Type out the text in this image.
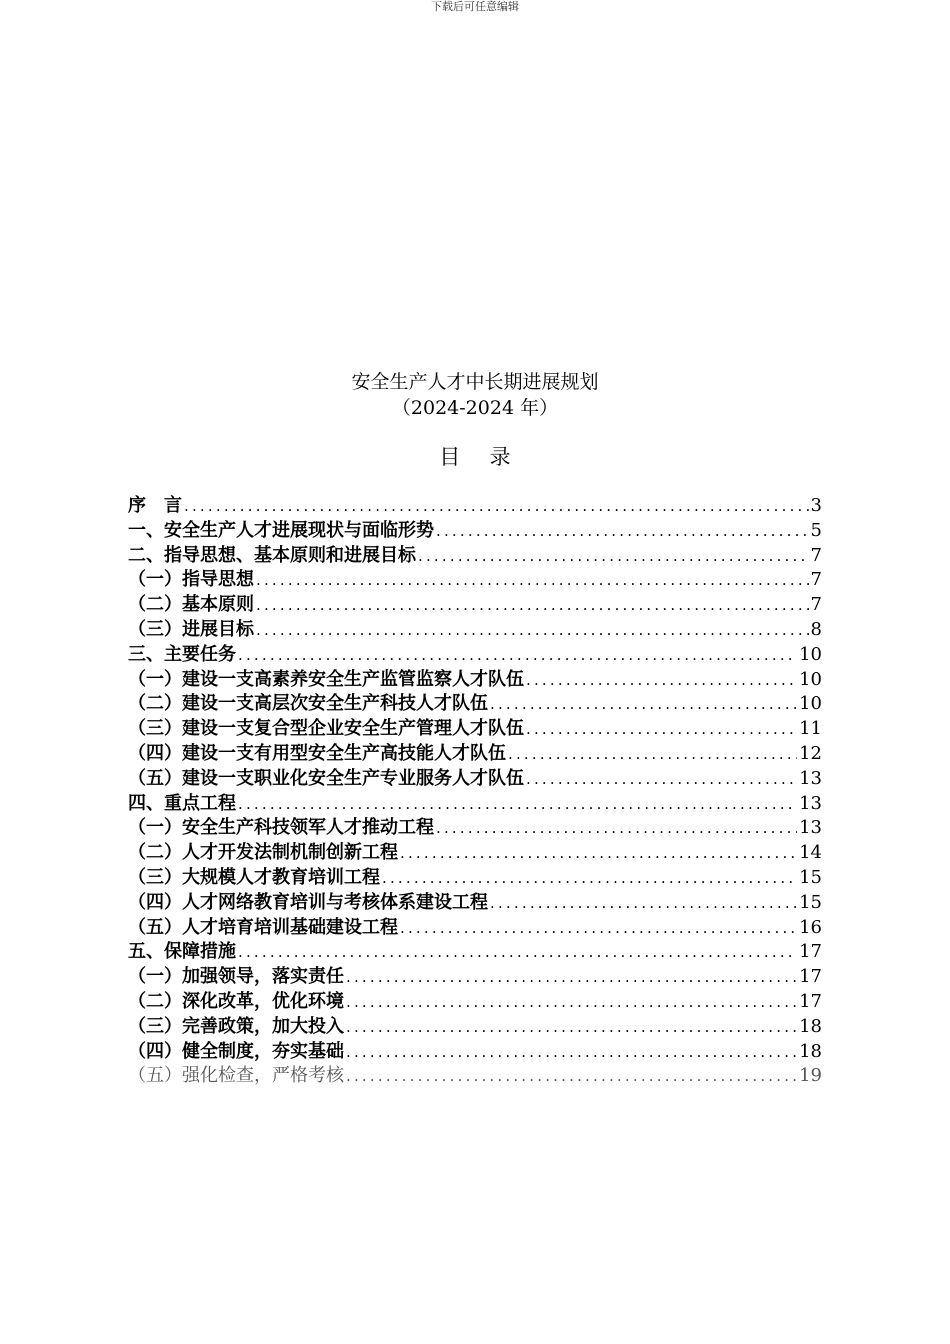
下载后可任意编辑
安全生产人才中长期进展规划
（2024-2024 年）
目录
序　言 .....	3
一、安全生产人才进展现状与面临形势 .....	5
二、指导思想、基本原则和进展目标 .....	7
（一）指导思想 .....	7
（二）基本原则 .....	7
（三）进展目标 .....	8
三、主要任务 .....	10
（一）建设一支高素养安全生产监管监察人才队伍 .....	10
（二）建设一支高层次安全生产科技人才队伍 .....	10
（三）建设一支复合型企业安全生产管理人才队伍 .....	11
（四）建设一支有用型安全生产高技能人才队伍 .....	12
（五）建设一支职业化安全生产专业服务人才队伍 .....	13
四、重点工程 .....	13
（一）安全生产科技领军人才推动工程 .....	13
（二）人才开发法制机制创新工程 .....	14
（三）大规模人才教育培训工程 .....	15
（四）人才网络教育培训与考核体系建设工程 .....	15
（五）人才培育培训基础建设工程 .....	16
五、保障措施 .....	17
（一）加强领导，落实责任 .....	17
（二）深化改革，优化环境 .....	17
（三）完善政策，加大投入 .....	18
（四）健全制度，夯实基础 .....	18
（五）强化检查，严格考核 .....	19
